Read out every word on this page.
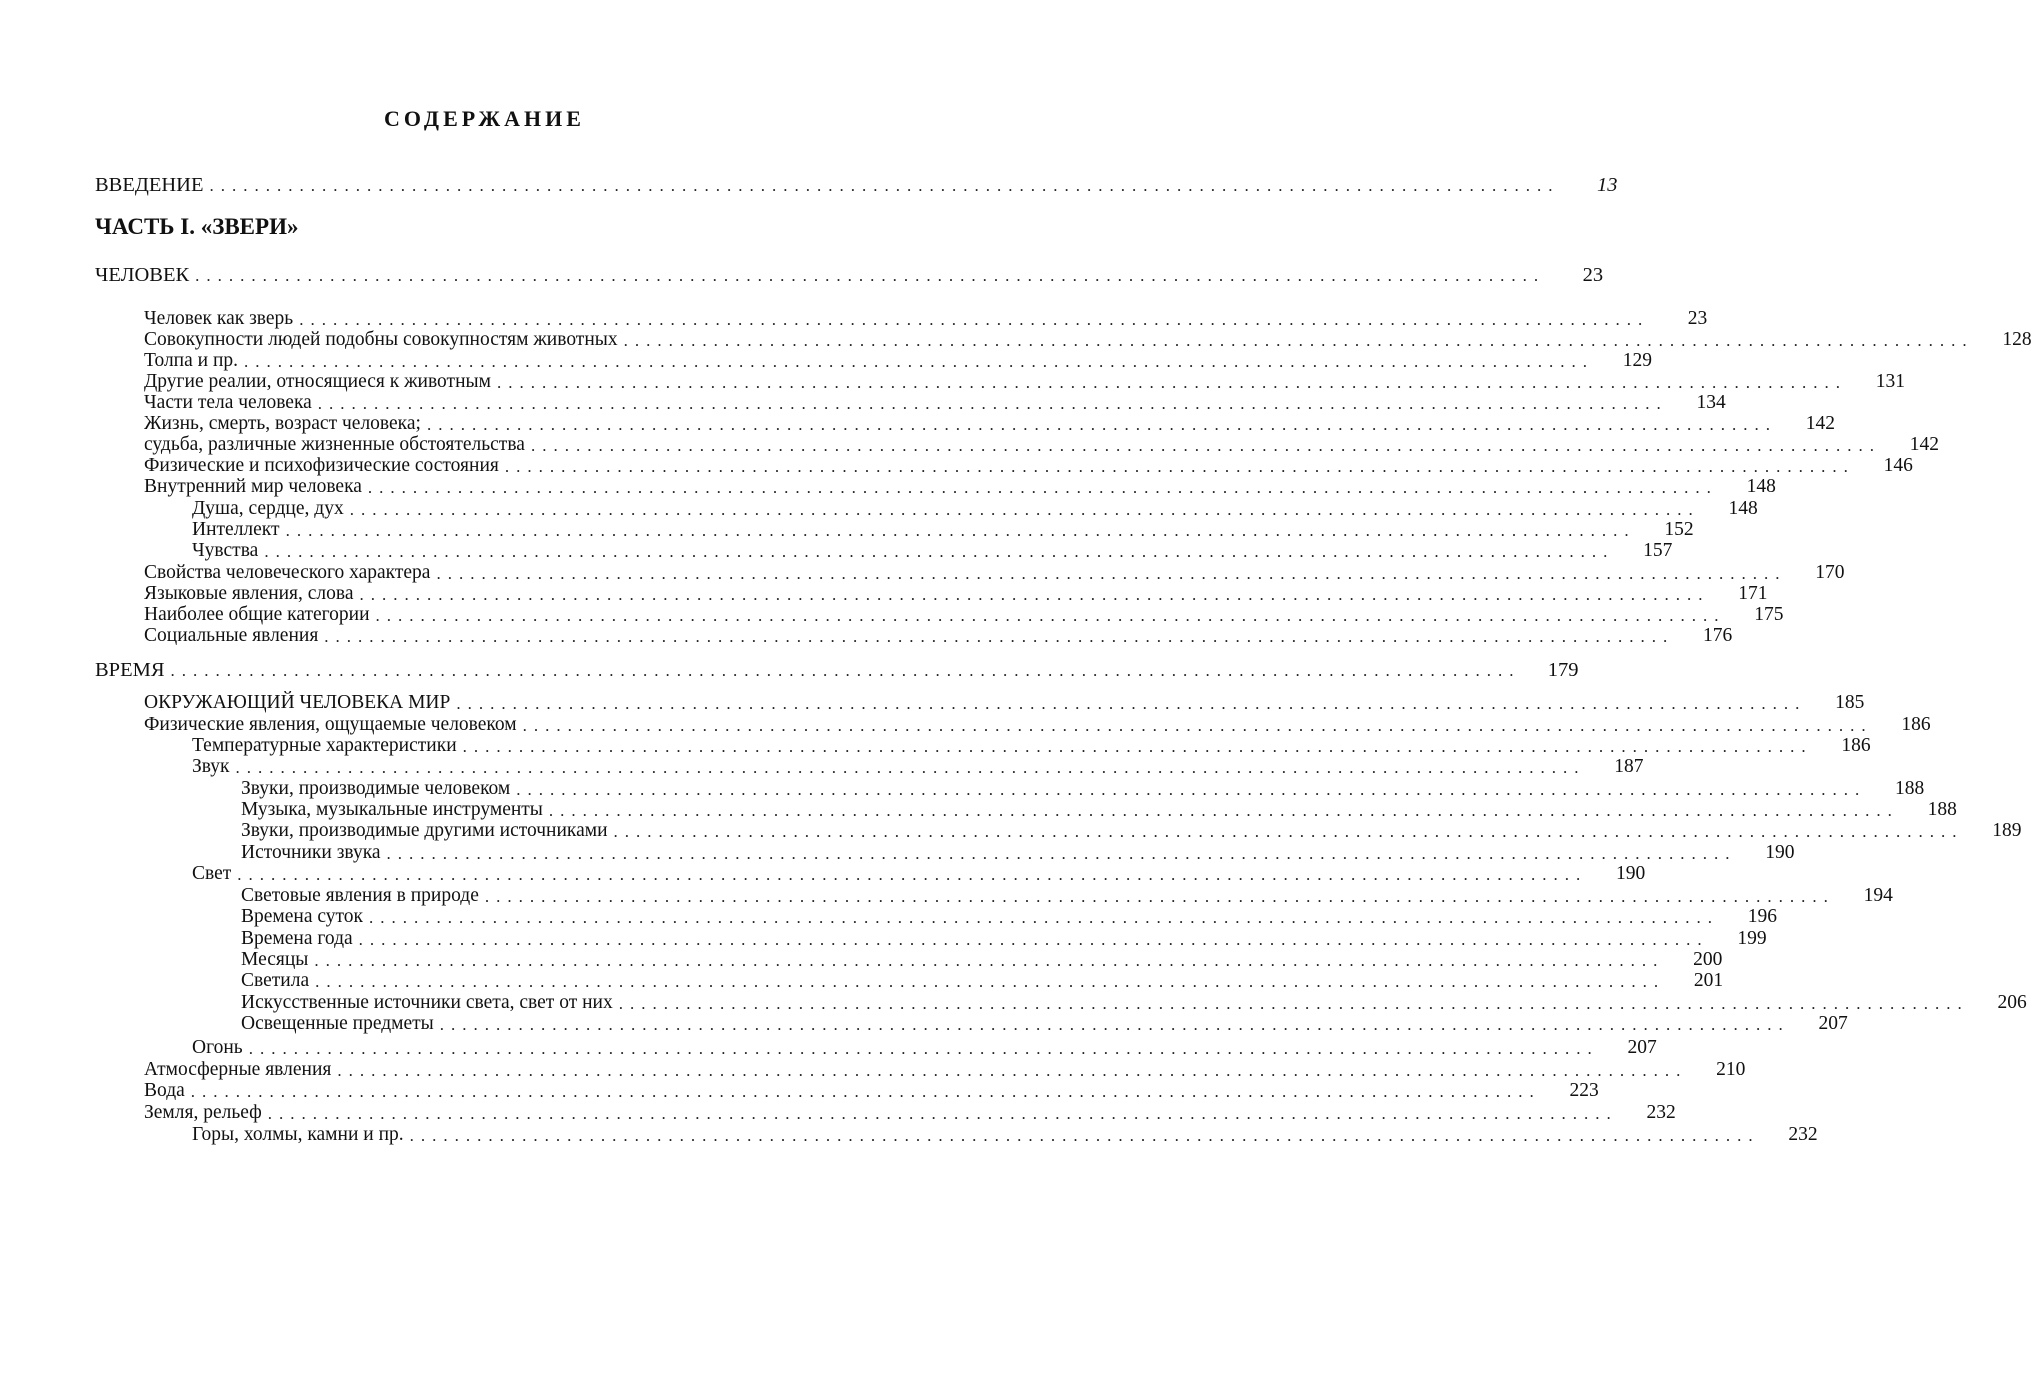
СОДЕРЖАНИЕ
ЧАСТЬ I. «ЗВЕРИ»
ВВЕДЕНИЕ ........................................................................................................................	13
ЧЕЛОВЕК ........................................................................................................................	23
Человек как зверь ........................................................................................................................	23
Совокупности людей подобны совокупностям животных ........................................................................................................................	128
Толпа и пр. ........................................................................................................................	129
Другие реалии, относящиеся к животным ........................................................................................................................	131
Части тела человека ........................................................................................................................	134
Жизнь, смерть, возраст человека; ........................................................................................................................	142
судьба, различные жизненные обстоятельства ........................................................................................................................	142
Физические и психофизические состояния ........................................................................................................................	146
Внутренний мир человека ........................................................................................................................	148
Душа, сердце, дух ........................................................................................................................	148
Интеллект ........................................................................................................................	152
Чувства ........................................................................................................................	157
Свойства человеческого характера ........................................................................................................................	170
Языковые явления, слова ........................................................................................................................	171
Наиболее общие категории ........................................................................................................................	175
Социальные явления ........................................................................................................................	176
ВРЕМЯ ........................................................................................................................	179
ОКРУЖАЮЩИЙ ЧЕЛОВЕКА МИР ........................................................................................................................	185
Физические явления, ощущаемые человеком ........................................................................................................................	186
Температурные характеристики ........................................................................................................................	186
Звук ........................................................................................................................	187
Звуки, производимые человеком ........................................................................................................................	188
Музыка, музыкальные инструменты ........................................................................................................................	188
Звуки, производимые другими источниками ........................................................................................................................	189
Источники звука ........................................................................................................................	190
Свет ........................................................................................................................	190
Световые явления в природе ........................................................................................................................	194
Времена суток ........................................................................................................................	196
Времена года ........................................................................................................................	199
Месяцы ........................................................................................................................	200
Светила ........................................................................................................................	201
Искусственные источники света, свет от них ........................................................................................................................	206
Освещенные предметы ........................................................................................................................	207
Огонь ........................................................................................................................	207
Атмосферные явления ........................................................................................................................	210
Вода ........................................................................................................................	223
Земля, рельеф ........................................................................................................................	232
Горы, холмы, камни и пр. ........................................................................................................................	232
